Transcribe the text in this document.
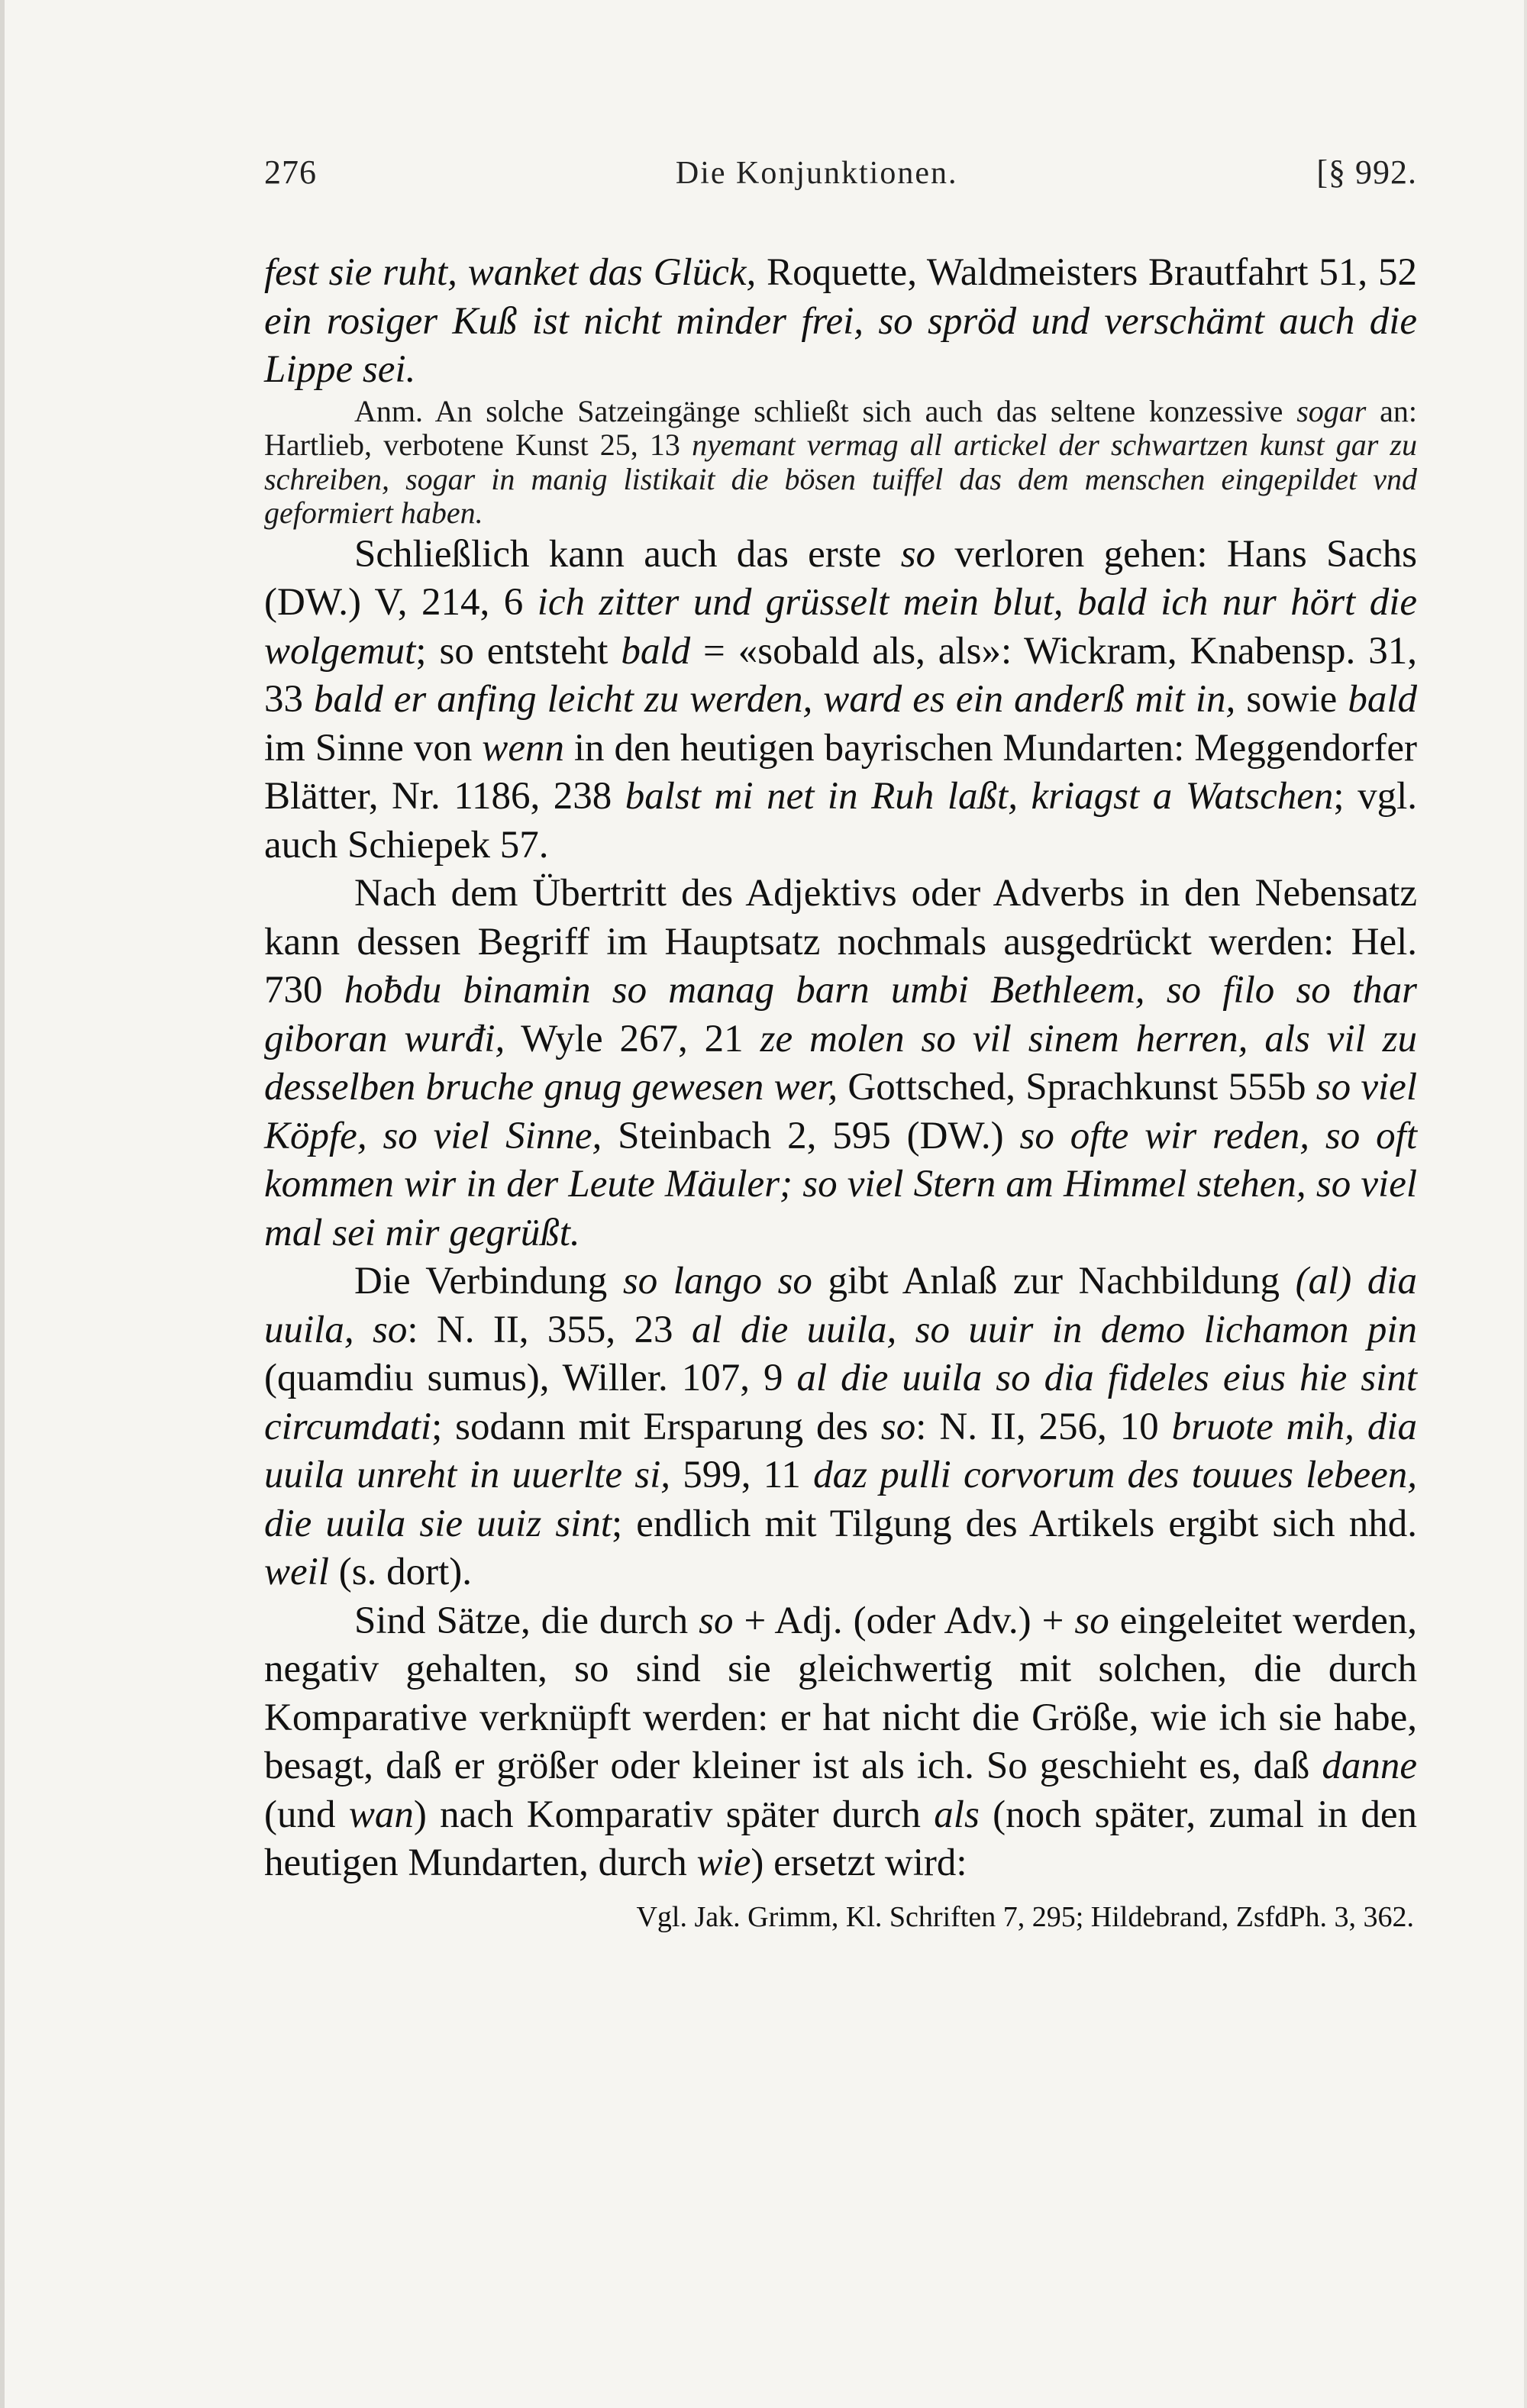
276	Die Konjunktionen.	[§ 992.

fest sie ruht, wanket das Glück, Roquette, Waldmeisters Brautfahrt 51, 52 ein rosiger Kuß ist nicht minder frei, so spröd und verschämt auch die Lippe sei.

Anm. An solche Satzeingänge schließt sich auch das seltene konzessive sogar an: Hartlieb, verbotene Kunst 25, 13 nyemant vermag all artickel der schwartzen kunst gar zu schreiben, sogar in manig listikait die bösen tuiffel das dem menschen eingepildet vnd geformiert haben.

Schließlich kann auch das erste so verloren gehen: Hans Sachs (DW.) V, 214, 6 ich zitter und grüsselt mein blut, bald ich nur hört die wolgemut; so entsteht bald = «sobald als, als»: Wickram, Knabensp. 31, 33 bald er anfing leicht zu werden, ward es ein anderß mit in, sowie bald im Sinne von wenn in den heutigen bayrischen Mundarten: Meggendorfer Blätter, Nr. 1186, 238 balst mi net in Ruh laßt, kriagst a Watschen; vgl. auch Schiepek 57.

Nach dem Übertritt des Adjektivs oder Adverbs in den Nebensatz kann dessen Begriff im Hauptsatz nochmals ausgedrückt werden: Hel. 730 hoƀdu binamin so manag barn umbi Bethleem, so filo so thar giboran wurđi, Wyle 267, 21 ze molen so vil sinem herren, als vil zu desselben bruche gnug gewesen wer, Gottsched, Sprachkunst 555b so viel Köpfe, so viel Sinne, Steinbach 2, 595 (DW.) so ofte wir reden, so oft kommen wir in der Leute Mäuler; so viel Stern am Himmel stehen, so viel mal sei mir gegrüßt.

Die Verbindung so lango so gibt Anlaß zur Nachbildung (al) dia uuila, so: N. II, 355, 23 al die uuila, so uuir in demo lichamon pin (quamdiu sumus), Willer. 107, 9 al die uuila so dia fideles eius hie sint circumdati; sodann mit Ersparung des so: N. II, 256, 10 bruote mih, dia uuila unreht in uuerlte si, 599, 11 daz pulli corvorum des touues lebeen, die uuila sie uuiz sint; endlich mit Tilgung des Artikels ergibt sich nhd. weil (s. dort).

Sind Sätze, die durch so + Adj. (oder Adv.) + so eingeleitet werden, negativ gehalten, so sind sie gleichwertig mit solchen, die durch Komparative verknüpft werden: er hat nicht die Größe, wie ich sie habe, besagt, daß er größer oder kleiner ist als ich. So geschieht es, daß danne (und wan) nach Komparativ später durch als (noch später, zumal in den heutigen Mundarten, durch wie) ersetzt wird:

Vgl. Jak. Grimm, Kl. Schriften 7, 295; Hildebrand, ZsfdPh. 3, 362.
